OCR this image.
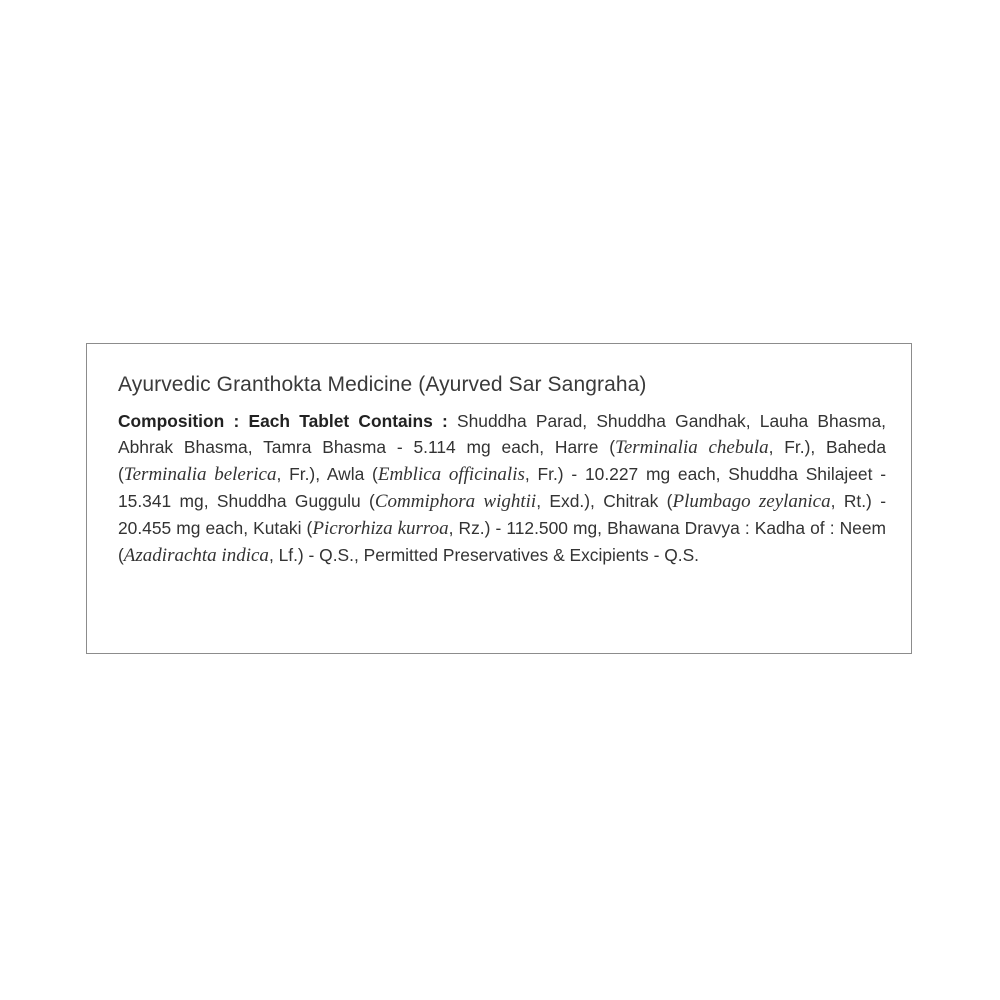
Ayurvedic Granthokta Medicine (Ayurved Sar Sangraha)
Composition : Each Tablet Contains : Shuddha Parad, Shuddha Gandhak, Lauha Bhasma, Abhrak Bhasma, Tamra Bhasma - 5.114 mg each, Harre (Terminalia chebula, Fr.), Baheda (Terminalia belerica, Fr.), Awla (Emblica officinalis, Fr.) - 10.227 mg each, Shuddha Shilajeet - 15.341 mg, Shuddha Guggulu (Commiphora wightii, Exd.), Chitrak (Plumbago zeylanica, Rt.) - 20.455 mg each, Kutaki (Picrorhiza kurroa, Rz.) - 112.500 mg, Bhawana Dravya : Kadha of : Neem (Azadirachta indica, Lf.) - Q.S., Permitted Preservatives & Excipients - Q.S.
